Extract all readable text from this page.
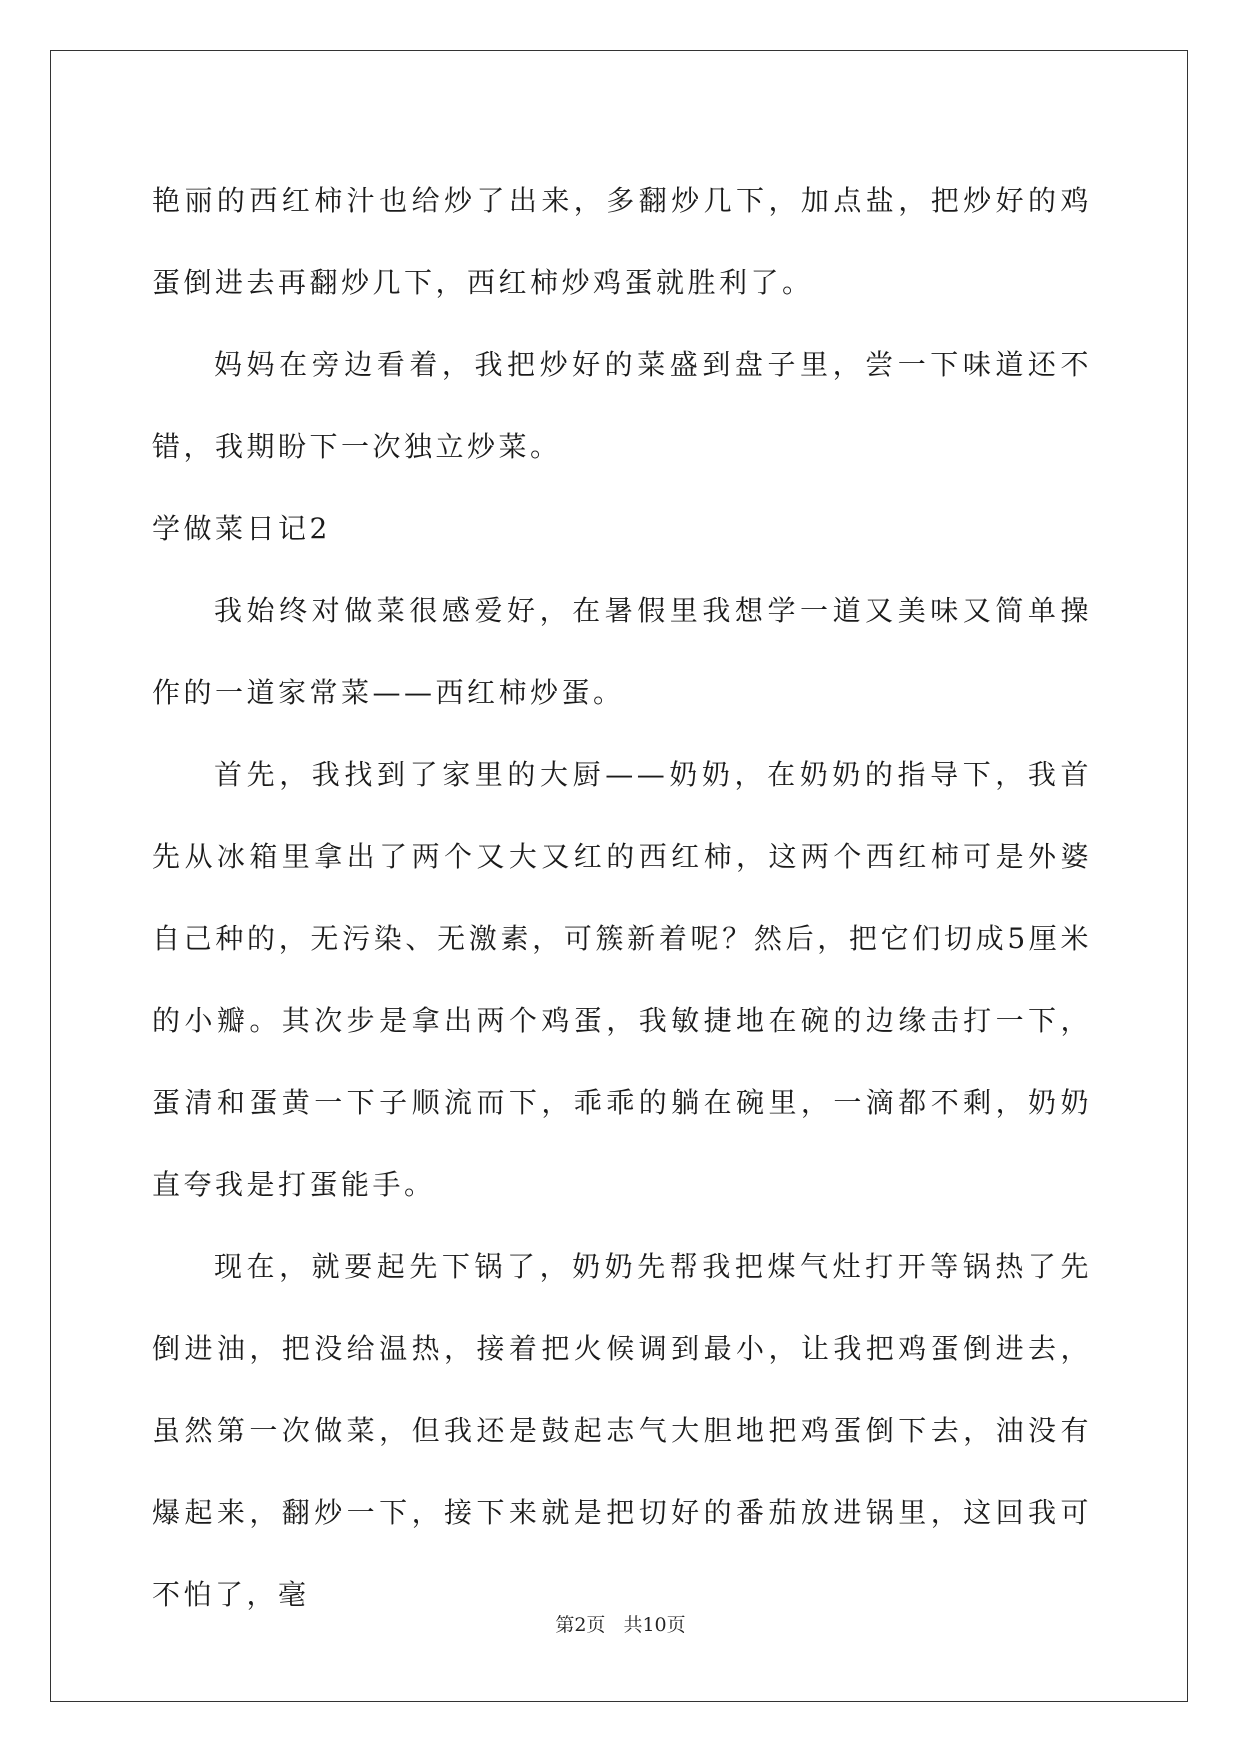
艳丽的西红柿汁也给炒了出来，多翻炒几下，加点盐，把炒好的鸡蛋倒进去再翻炒几下，西红柿炒鸡蛋就胜利了。

妈妈在旁边看着，我把炒好的菜盛到盘子里，尝一下味道还不错，我期盼下一次独立炒菜。

学做菜日记2

我始终对做菜很感爱好，在暑假里我想学一道又美味又简单操作的一道家常菜——西红柿炒蛋。

首先，我找到了家里的大厨——奶奶，在奶奶的指导下，我首先从冰箱里拿出了两个又大又红的西红柿，这两个西红柿可是外婆自己种的，无污染、无激素，可簇新着呢？然后，把它们切成5厘米的小瓣。其次步是拿出两个鸡蛋，我敏捷地在碗的边缘击打一下，蛋清和蛋黄一下子顺流而下，乖乖的躺在碗里，一滴都不剩，奶奶直夸我是打蛋能手。

现在，就要起先下锅了，奶奶先帮我把煤气灶打开等锅热了先倒进油，把没给温热，接着把火候调到最小，让我把鸡蛋倒进去，虽然第一次做菜，但我还是鼓起志气大胆地把鸡蛋倒下去，油没有爆起来，翻炒一下，接下来就是把切好的番茄放进锅里，这回我可不怕了，毫

第2页 共10页
